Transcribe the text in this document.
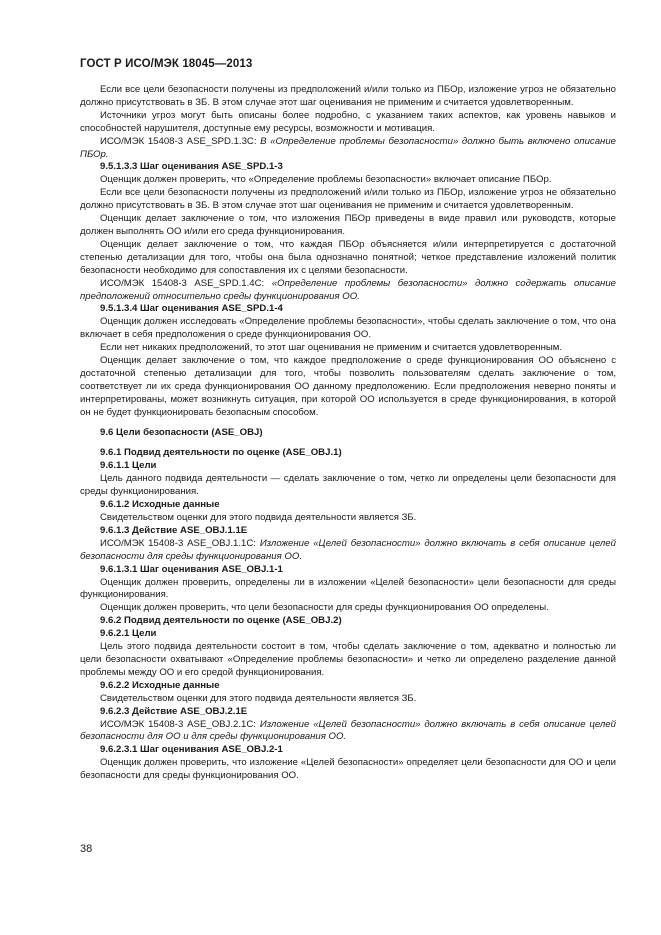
ГОСТ Р ИСО/МЭК 18045—2013

Если все цели безопасности получены из предположений и/или только из ПБОр, изложение угроз не обязательно должно присутствовать в ЗБ. В этом случае этот шаг оценивания не применим и считается удовлетворенным.

Источники угроз могут быть описаны более подробно, с указанием таких аспектов, как уровень навыков и способностей нарушителя, доступные ему ресурсы, возможности и мотивация.

ИСО/МЭК 15408-3 ASE_SPD.1.3C: В «Определение проблемы безопасности» должно быть включено описание ПБОр.

9.5.1.3.3 Шаг оценивания ASE_SPD.1-3

Оценщик должен проверить, что «Определение проблемы безопасности» включает описание ПБОр.

Если все цели безопасности получены из предположений и/или только из ПБОр, изложение угроз не обязательно должно присутствовать в ЗБ. В этом случае этот шаг оценивания не применим и считается удовлетворенным.

Оценщик делает заключение о том, что изложения ПБОр приведены в виде правил или руководств, которые должен выполнять ОО и/или его среда функционирования.

Оценщик делает заключение о том, что каждая ПБОр объясняется и/или интерпретируется с достаточной степенью детализации для того, чтобы она была однозначно понятной; четкое представление изложений политик безопасности необходимо для сопоставления их с целями безопасности.

ИСО/МЭК 15408-3 ASE_SPD.1.4C: «Определение проблемы безопасности» должно содержать описание предположений относительно среды функционирования ОО.

9.5.1.3.4 Шаг оценивания ASE_SPD.1-4

Оценщик должен исследовать «Определение проблемы безопасности», чтобы сделать заключение о том, что она включает в себя предположения о среде функционирования ОО.

Если нет никаких предположений, то этот шаг оценивания не применим и считается удовлетворенным.

Оценщик делает заключение о том, что каждое предположение о среде функционирования ОО объяснено с достаточной степенью детализации для того, чтобы позволить пользователям сделать заключение о том, соответствует ли их среда функционирования ОО данному предположению. Если предположения неверно поняты и интерпретированы, может возникнуть ситуация, при которой ОО используется в среде функционирования, в которой он не будет функционировать безопасным способом.

9.6 Цели безопасности (ASE_OBJ)

9.6.1 Подвид деятельности по оценке (ASE_OBJ.1)

9.6.1.1 Цели

Цель данного подвида деятельности — сделать заключение о том, четко ли определены цели безопасности для среды функционирования.

9.6.1.2 Исходные данные

Свидетельством оценки для этого подвида деятельности является ЗБ.

9.6.1.3 Действие ASE_OBJ.1.1E

ИСО/МЭК 15408-3 ASE_OBJ.1.1C: Изложение «Целей безопасности» должно включать в себя описание целей безопасности для среды функционирования ОО.

9.6.1.3.1 Шаг оценивания ASE_OBJ.1-1

Оценщик должен проверить, определены ли в изложении «Целей безопасности» цели безопасности для среды функционирования.

Оценщик должен проверить, что цели безопасности для среды функционирования ОО определены.

9.6.2 Подвид деятельности по оценке (ASE_OBJ.2)

9.6.2.1 Цели

Цель этого подвида деятельности состоит в том, чтобы сделать заключение о том, адекватно и полностью ли цели безопасности охватывают «Определение проблемы безопасности» и четко ли определено разделение данной проблемы между ОО и его средой функционирования.

9.6.2.2 Исходные данные

Свидетельством оценки для этого подвида деятельности является ЗБ.

9.6.2.3 Действие ASE_OBJ.2.1E

ИСО/МЭК 15408-3 ASE_OBJ.2.1C: Изложение «Целей безопасности» должно включать в себя описание целей безопасности для ОО и для среды функционирования ОО.

9.6.2.3.1 Шаг оценивания ASE_OBJ.2-1

Оценщик должен проверить, что изложение «Целей безопасности» определяет цели безопасности для ОО и цели безопасности для среды функционирования ОО.

38
